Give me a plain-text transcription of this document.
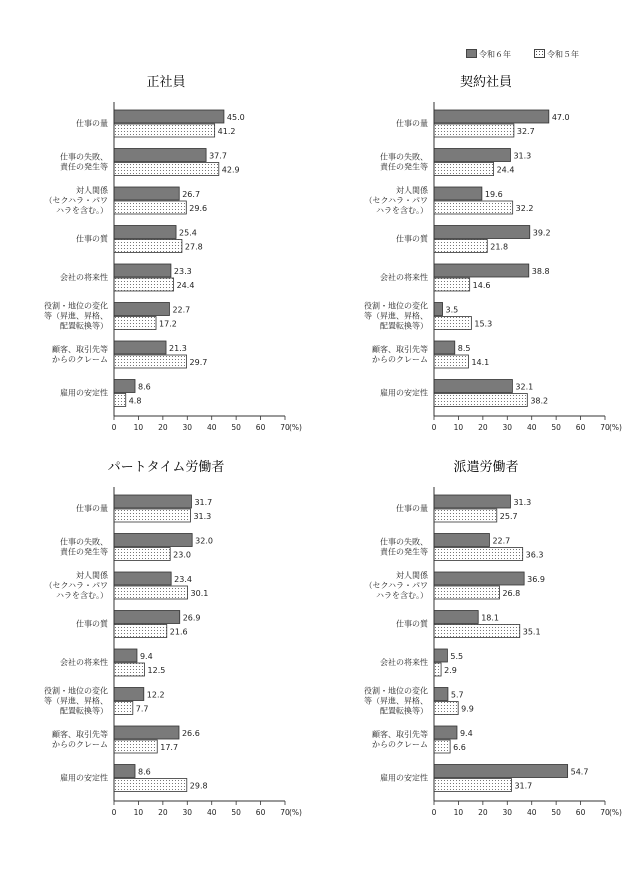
令和６年	令和５年
正社員
仕事の量
45.0
41.2
仕事の失敗、責任の発生等
37.7
42.9
対人関係（セクハラ・パワハラを含む。）
26.7
29.6
仕事の質
25.4
27.8
会社の将来性
23.3
24.4
役割・地位の変化等（昇進、昇格、配置転換等）
22.7
17.2
顧客、取引先等からのクレーム
21.3
29.7
雇用の安定性
8.6
4.8
0 10 20 30 40 50 60 70 (%)
契約社員
仕事の量
47.0
32.7
仕事の失敗、責任の発生等
31.3
24.4
対人関係（セクハラ・パワハラを含む。）
19.6
32.2
仕事の質
39.2
21.8
会社の将来性
38.8
14.6
役割・地位の変化等（昇進、昇格、配置転換等）
3.5
15.3
顧客、取引先等からのクレーム
8.5
14.1
雇用の安定性
32.1
38.2
0 10 20 30 40 50 60 70 (%)
パートタイム労働者
仕事の量
31.7
31.3
仕事の失敗、責任の発生等
32.0
23.0
対人関係（セクハラ・パワハラを含む。）
23.4
30.1
仕事の質
26.9
21.6
会社の将来性
9.4
12.5
役割・地位の変化等（昇進、昇格、配置転換等）
12.2
7.7
顧客、取引先等からのクレーム
26.6
17.7
雇用の安定性
8.6
29.8
0 10 20 30 40 50 60 70 (%)
派遣労働者
仕事の量
31.3
25.7
仕事の失敗、責任の発生等
22.7
36.3
対人関係（セクハラ・パワハラを含む。）
36.9
26.8
仕事の質
18.1
35.1
会社の将来性
5.5
2.9
役割・地位の変化等（昇進、昇格、配置転換等）
5.7
9.9
顧客、取引先等からのクレーム
9.4
6.6
雇用の安定性
54.7
31.7
0 10 20 30 40 50 60 70 (%)
